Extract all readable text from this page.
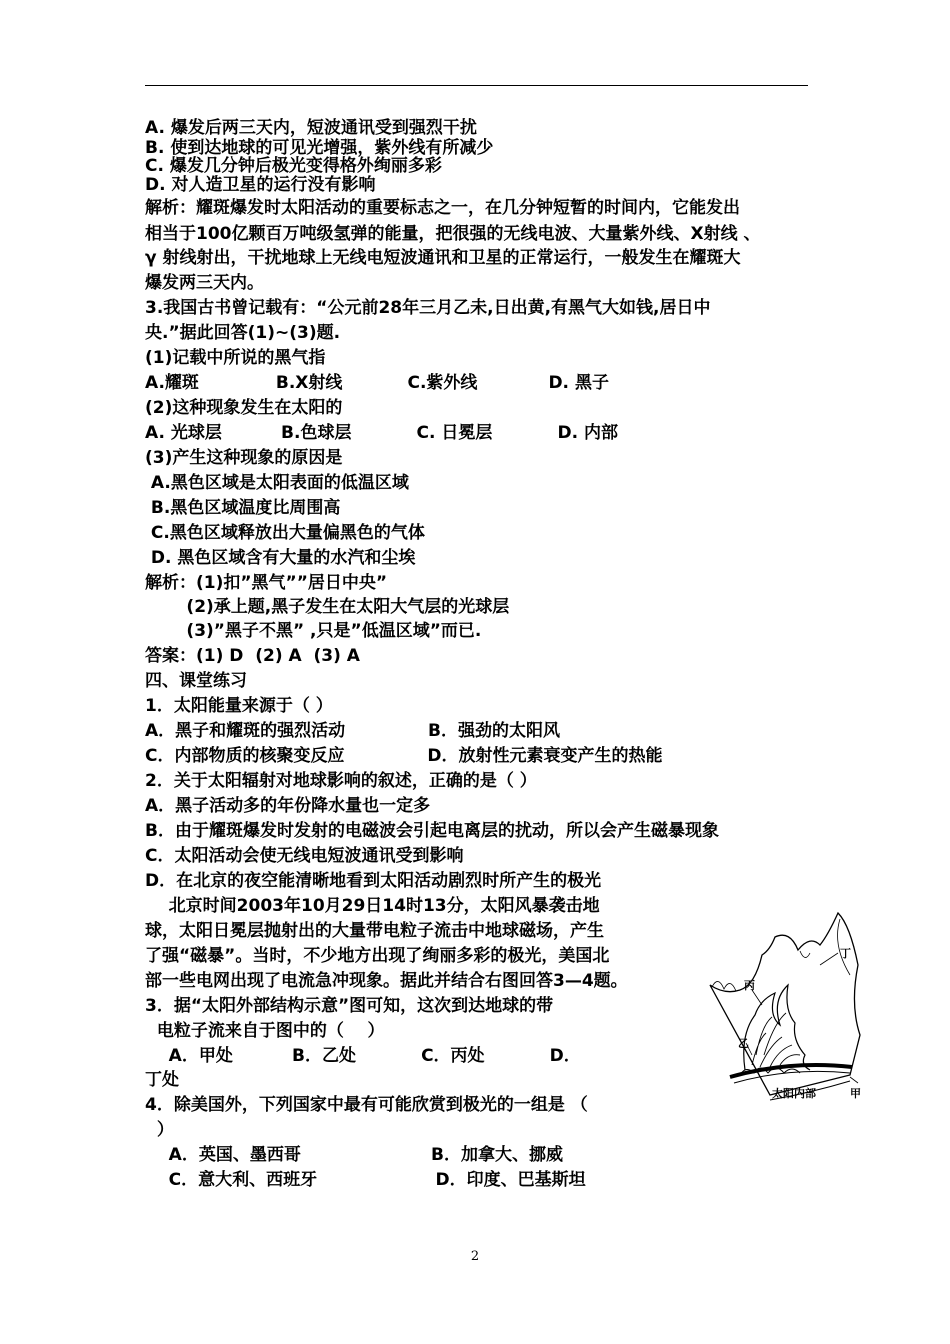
A. 爆发后两三天内，短波通讯受到强烈干扰
B. 使到达地球的可见光增强，紫外线有所减少
C. 爆发几分钟后极光变得格外绚丽多彩
D. 对人造卫星的运行没有影响
解析：耀斑爆发时太阳活动的重要标志之一，在几分钟短暂的时间内，它能发出
相当于100亿颗百万吨级氢弹的能量，把很强的无线电波、大量紫外线、X射线 、
γ 射线射出，干扰地球上无线电短波通讯和卫星的正常运行，一般发生在耀斑大
爆发两三天内。
3.我国古书曾记载有：“公元前28年三月乙未,日出黄,有黑气大如钱,居日中
央.”据此回答(1)~(3)题.
(1)记载中所说的黑气指
A.耀斑             B.X射线           C.紫外线            D. 黑子
(2)这种现象发生在太阳的
A. 光球层          B.色球层           C. 日冕层           D. 内部
(3)产生这种现象的原因是
A.黑色区域是太阳表面的低温区域
B.黑色区域温度比周围高
C.黑色区域释放出大量偏黑色的气体
D. 黑色区域含有大量的水汽和尘埃
解析：(1)扣”黑气””居日中央”
(2)承上题,黑子发生在太阳大气层的光球层
(3)”黑子不黑” ,只是”低温区域”而已.
答案：(1) D  (2) A  (3) A
四、课堂练习
1．太阳能量来源于（ ）
A．黑子和耀斑的强烈活动              B．强劲的太阳风
C．内部物质的核聚变反应              D．放射性元素衰变产生的热能
2．关于太阳辐射对地球影响的叙述，正确的是（ ）
A．黑子活动多的年份降水量也一定多
B．由于耀斑爆发时发射的电磁波会引起电离层的扰动，所以会产生磁暴现象
C．太阳活动会使无线电短波通讯受到影响
D．在北京的夜空能清晰地看到太阳活动剧烈时所产生的极光
北京时间2003年10月29日14时13分，太阳风暴袭击地
球，太阳日冕层抛射出的大量带电粒子流击中地球磁场，产生
了强“磁暴”。当时，不少地方出现了绚丽多彩的极光，美国北
部一些电网出现了电流急冲现象。据此并结合右图回答3—4题。
3．据“太阳外部结构示意”图可知，这次到达地球的带
电粒子流来自于图中的（    ）
A．甲处          B．乙处           C．丙处           D．
丁处
4．除美国外，下列国家中最有可能欣赏到极光的一组是 （
）
A．英国、墨西哥                      B．加拿大、挪威
C．意大利、西班牙                    D．印度、巴基斯坦
丁
丙
乙
甲
太阳内部
2
